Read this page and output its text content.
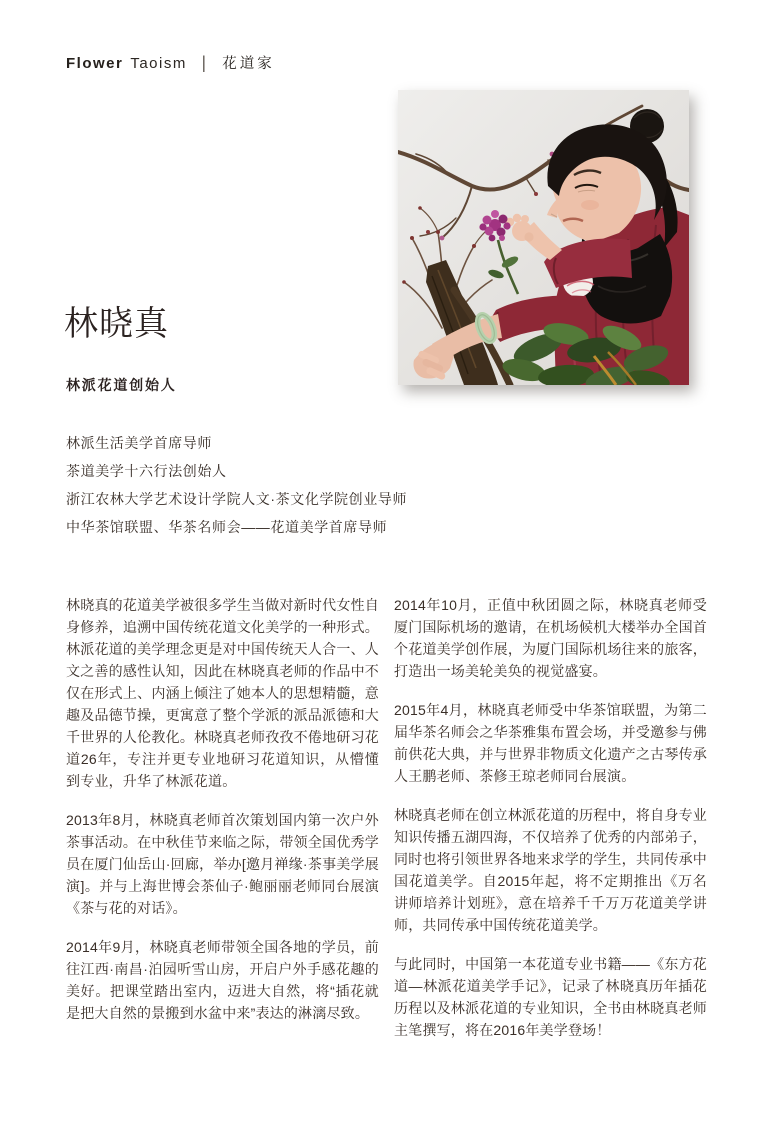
Flower Taoism | 花道家
林晓真
林派花道创始人
林派生活美学首席导师
茶道美学十六行法创始人
浙江农林大学艺术设计学院人文·茶文化学院创业导师
中华茶馆联盟、华茶名师会——花道美学首席导师

林晓真的花道美学被很多学生当做对新时代女性自身修养，追溯中国传统花道文化美学的一种形式。林派花道的美学理念更是对中国传统天人合一、人文之善的感性认知，因此在林晓真老师的作品中不仅在形式上、内涵上倾注了她本人的思想精髓，意趣及品德节操，更寓意了整个学派的派品派德和大千世界的人伦教化。林晓真老师孜孜不倦地研习花道26年，专注并更专业地研习花道知识，从懵懂到专业，升华了林派花道。

2013年8月，林晓真老师首次策划国内第一次户外茶事活动。在中秋佳节来临之际，带领全国优秀学员在厦门仙岳山·回廊，举办[邀月禅缘·茶事美学展演]。并与上海世博会茶仙子·鲍丽丽老师同台展演《茶与花的对话》。

2014年9月，林晓真老师带领全国各地的学员，前往江西·南昌·泊园听雪山房，开启户外手感花趣的美好。把课堂踏出室内，迈进大自然，将“插花就是把大自然的景搬到水盆中来”表达的淋漓尽致。

2014年10月，正值中秋团圆之际，林晓真老师受厦门国际机场的邀请，在机场候机大楼举办全国首个花道美学创作展，为厦门国际机场往来的旅客，打造出一场美轮美奂的视觉盛宴。

2015年4月，林晓真老师受中华茶馆联盟，为第二届华茶名师会之华茶雅集布置会场，并受邀参与佛前供花大典，并与世界非物质文化遗产之古琴传承人王鹏老师、茶修王琼老师同台展演。

林晓真老师在创立林派花道的历程中，将自身专业知识传播五湖四海，不仅培养了优秀的内部弟子，同时也将引领世界各地来求学的学生，共同传承中国花道美学。自2015年起，将不定期推出《万名讲师培养计划班》，意在培养千千万万花道美学讲师，共同传承中国传统花道美学。

与此同时，中国第一本花道专业书籍——《东方花道—林派花道美学手记》，记录了林晓真历年插花历程以及林派花道的专业知识，全书由林晓真老师主笔撰写，将在2016年美学登场！
